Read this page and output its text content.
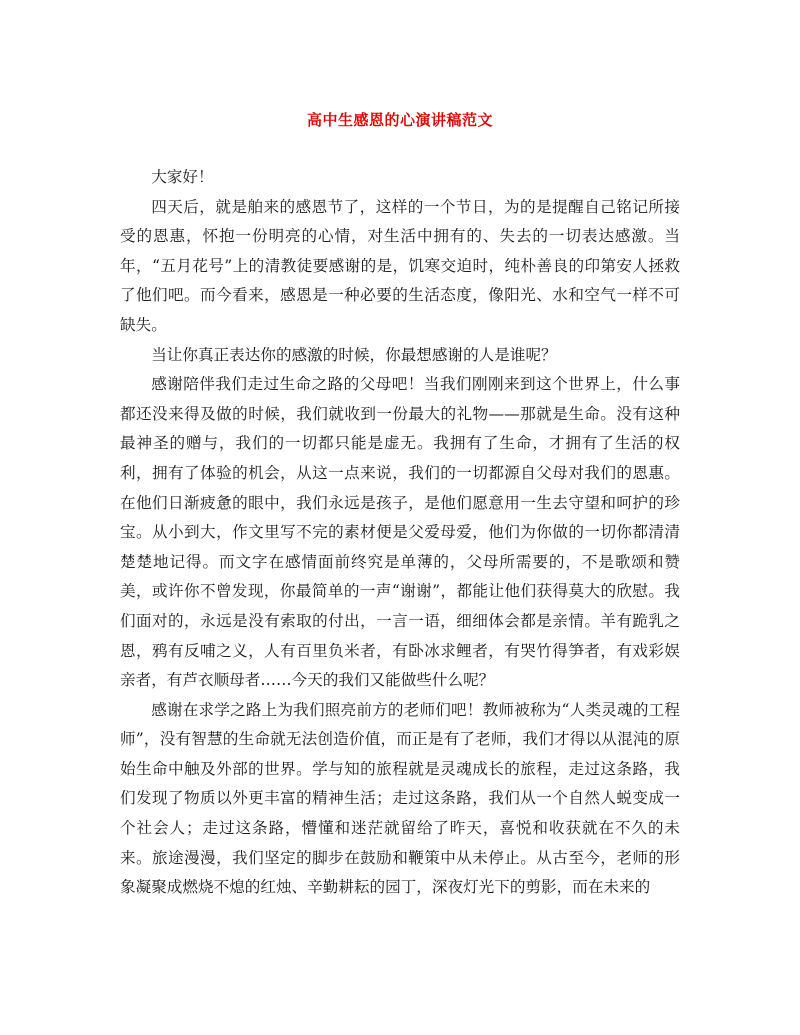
高中生感恩的心演讲稿范文

大家好！

四天后，就是舶来的感恩节了，这样的一个节日，为的是提醒自己铭记所接受的恩惠，怀抱一份明亮的心情，对生活中拥有的、失去的一切表达感激。当年，“五月花号”上的清教徒要感谢的是，饥寒交迫时，纯朴善良的印第安人拯救了他们吧。而今看来，感恩是一种必要的生活态度，像阳光、水和空气一样不可缺失。

当让你真正表达你的感激的时候，你最想感谢的人是谁呢？

感谢陪伴我们走过生命之路的父母吧！当我们刚刚来到这个世界上，什么事都还没来得及做的时候，我们就收到一份最大的礼物——那就是生命。没有这种最神圣的赠与，我们的一切都只能是虚无。我拥有了生命，才拥有了生活的权利，拥有了体验的机会，从这一点来说，我们的一切都源自父母对我们的恩惠。在他们日渐疲惫的眼中，我们永远是孩子，是他们愿意用一生去守望和呵护的珍宝。从小到大，作文里写不完的素材便是父爱母爱，他们为你做的一切你都清清楚楚地记得。而文字在感情面前终究是单薄的，父母所需要的，不是歌颂和赞美，或许你不曾发现，你最简单的一声“谢谢”，都能让他们获得莫大的欣慰。我们面对的，永远是没有索取的付出，一言一语，细细体会都是亲情。羊有跪乳之恩，鸦有反哺之义，人有百里负米者，有卧冰求鲤者，有哭竹得笋者，有戏彩娱亲者，有芦衣顺母者……今天的我们又能做些什么呢？

感谢在求学之路上为我们照亮前方的老师们吧！教师被称为“人类灵魂的工程师”，没有智慧的生命就无法创造价值，而正是有了老师，我们才得以从混沌的原始生命中触及外部的世界。学与知的旅程就是灵魂成长的旅程，走过这条路，我们发现了物质以外更丰富的精神生活；走过这条路，我们从一个自然人蜕变成一个社会人；走过这条路，懵懂和迷茫就留给了昨天，喜悦和收获就在不久的未来。旅途漫漫，我们坚定的脚步在鼓励和鞭策中从未停止。从古至今，老师的形象凝聚成燃烧不熄的红烛、辛勤耕耘的园丁，深夜灯光下的剪影，而在未来的
